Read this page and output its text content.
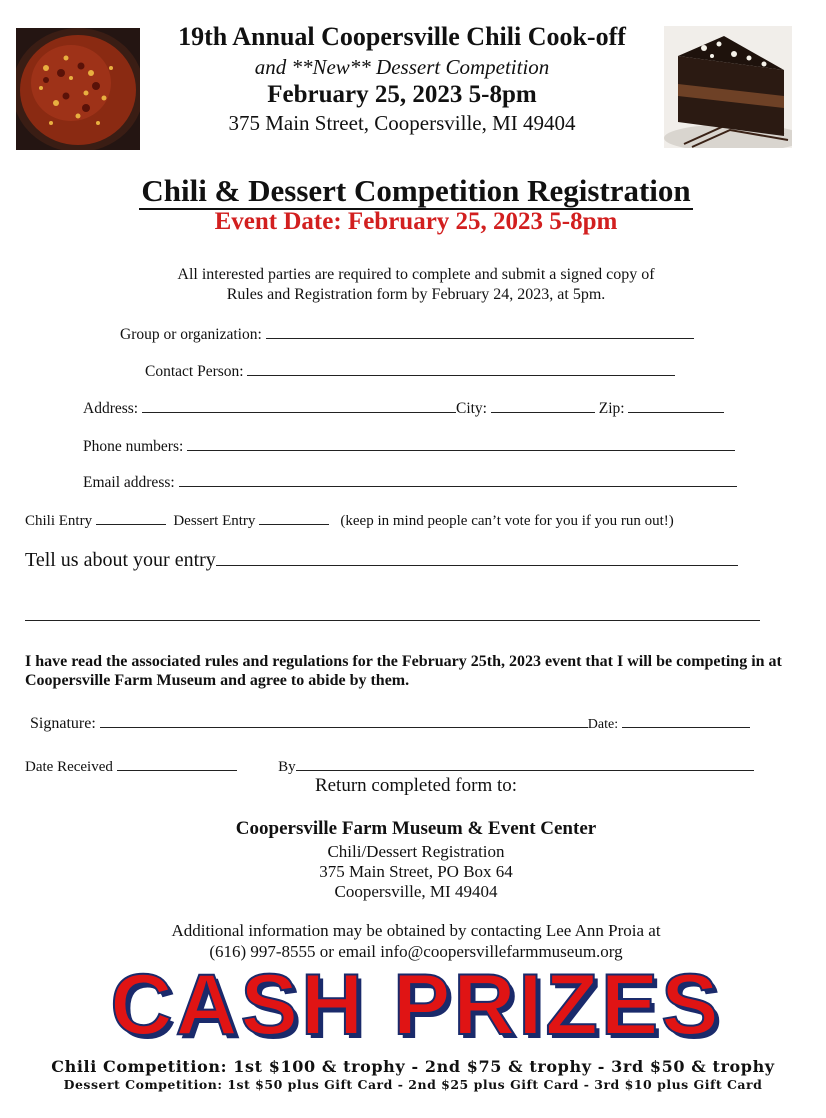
19th Annual Coopersville Chili Cook-off
and **New** Dessert Competition
February 25, 2023 5-8pm
375 Main Street, Coopersville, MI 49404
Chili & Dessert Competition Registration
Event Date: February 25, 2023 5-8pm
All interested parties are required to complete and submit a signed copy of
Rules and Registration form by February 24, 2023, at 5pm.
Group or organization:
Contact Person:
Address:	City:	Zip:
Phone numbers:
Email address:
Chili Entry	Dessert Entry	(keep in mind people can’t vote for you if you run out!)
Tell us about your entry
I have read the associated rules and regulations for the February 25th, 2023 event that I will be competing in at Coopersville Farm Museum and agree to abide by them.
Signature:	Date:
Date Received	By
Return completed form to:
Coopersville Farm Museum & Event Center
Chili/Dessert Registration
375 Main Street, PO Box 64
Coopersville, MI 49404
Additional information may be obtained by contacting Lee Ann Proia at
(616) 997-8555 or email info@coopersvillefarmmuseum.org
CASH PRIZES
Chili Competition: 1st $100 & trophy - 2nd $75 & trophy - 3rd $50 & trophy
Dessert Competition: 1st $50 plus Gift Card - 2nd $25 plus Gift Card - 3rd $10 plus Gift Card
